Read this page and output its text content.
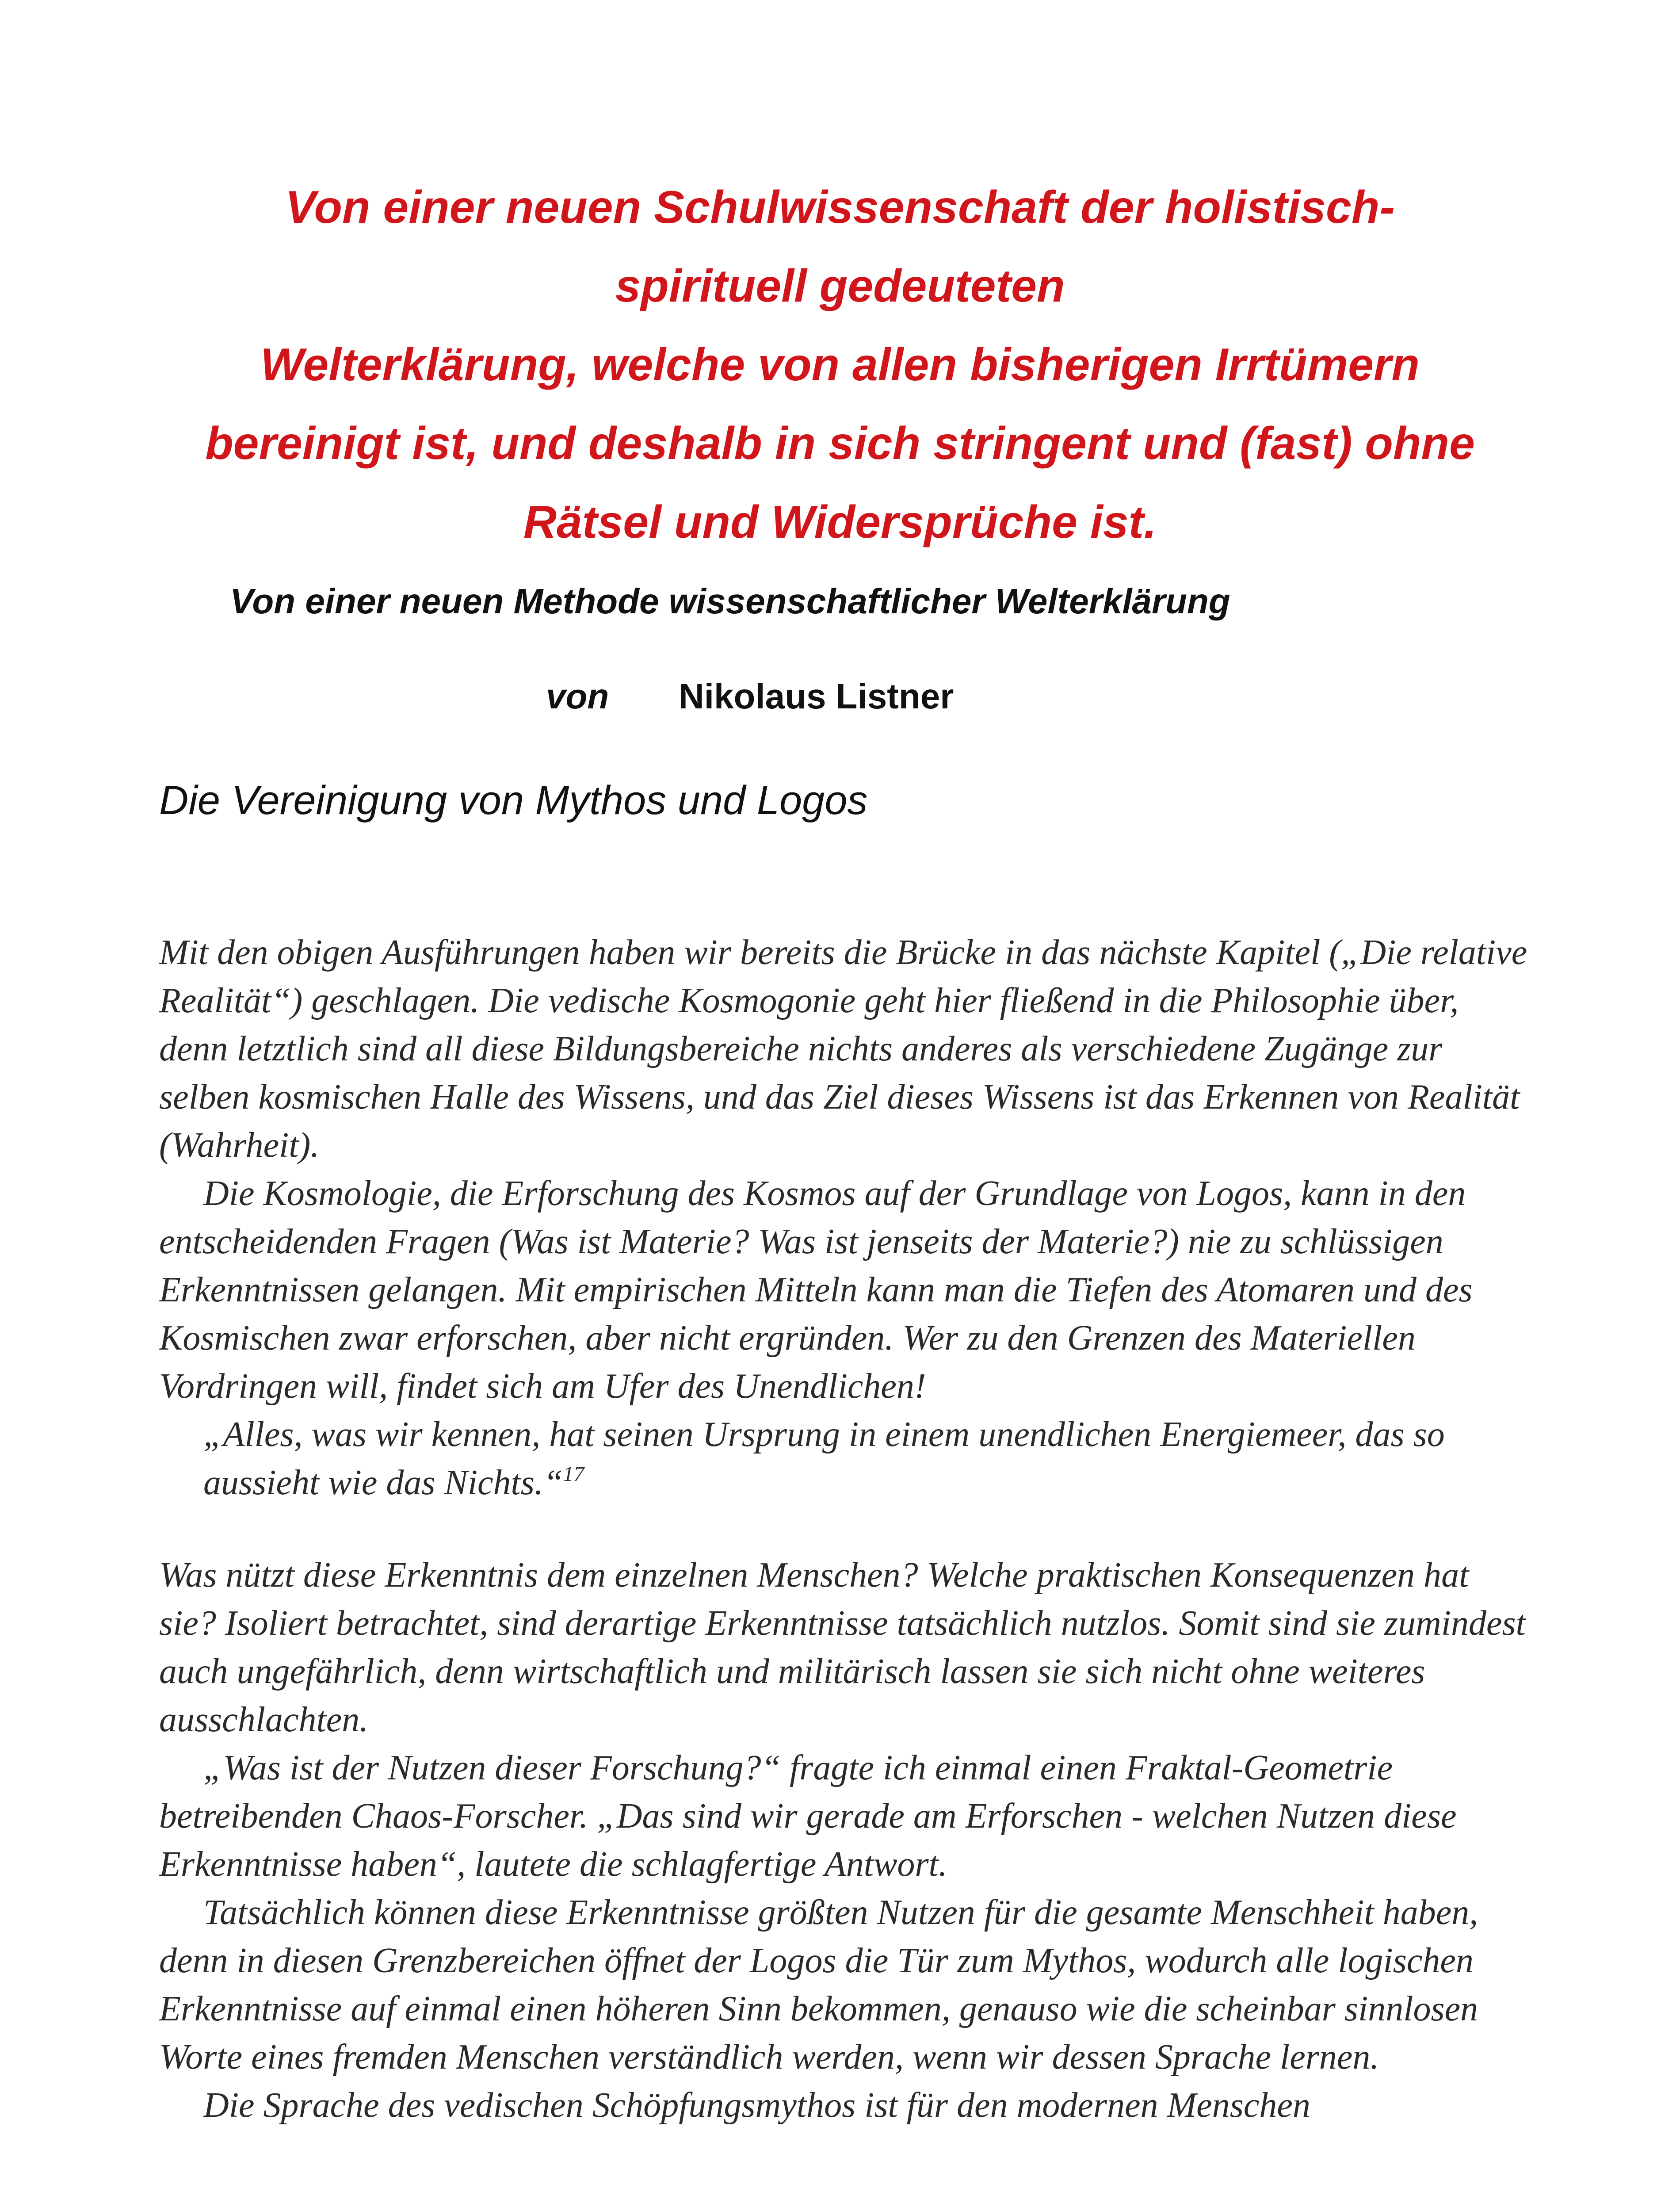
Von einer neuen Schulwissenschaft der holistisch-
spirituell gedeuteten
Welterklärung, welche von allen bisherigen Irrtümern
bereinigt ist, und deshalb in sich stringent und (fast) ohne
Rätsel und Widersprüche ist.
Von einer neuen Methode wissenschaftlicher Welterklärung
von Nikolaus Listner
Die Vereinigung von Mythos und Logos

Mit den obigen Ausführungen haben wir bereits die Brücke in das nächste Kapitel („Die relative Realität“) geschlagen. Die vedische Kosmogonie geht hier fließend in die Philosophie über, denn letztlich sind all diese Bildungsbereiche nichts anderes als verschiedene Zugänge zur selben kosmischen Halle des Wissens, und das Ziel dieses Wissens ist das Erkennen von Realität (Wahrheit).

Die Kosmologie, die Erforschung des Kosmos auf der Grundlage von Logos, kann in den entscheidenden Fragen (Was ist Materie? Was ist jenseits der Materie?) nie zu schlüssigen Erkenntnissen gelangen. Mit empirischen Mitteln kann man die Tiefen des Atomaren und des Kosmischen zwar erforschen, aber nicht ergründen. Wer zu den Grenzen des Materiellen Vordringen will, findet sich am Ufer des Unendlichen!

„Alles, was wir kennen, hat seinen Ursprung in einem unendlichen Energiemeer, das so aussieht wie das Nichts.“$^{17}$

Was nützt diese Erkenntnis dem einzelnen Menschen? Welche praktischen Konsequenzen hat sie? Isoliert betrachtet, sind derartige Erkenntnisse tatsächlich nutzlos. Somit sind sie zumindest auch ungefährlich, denn wirtschaftlich und militärisch lassen sie sich nicht ohne weiteres ausschlachten.

„Was ist der Nutzen dieser Forschung?“ fragte ich einmal einen Fraktal-Geometrie betreibenden Chaos-Forscher. „Das sind wir gerade am Erforschen - welchen Nutzen diese Erkenntnisse haben“, lautete die schlagfertige Antwort.

Tatsächlich können diese Erkenntnisse größten Nutzen für die gesamte Menschheit haben, denn in diesen Grenzbereichen öffnet der Logos die Tür zum Mythos, wodurch alle logischen Erkenntnisse auf einmal einen höheren Sinn bekommen, genauso wie die scheinbar sinnlosen Worte eines fremden Menschen verständlich werden, wenn wir dessen Sprache lernen.

Die Sprache des vedischen Schöpfungsmythos ist für den modernen Menschen
